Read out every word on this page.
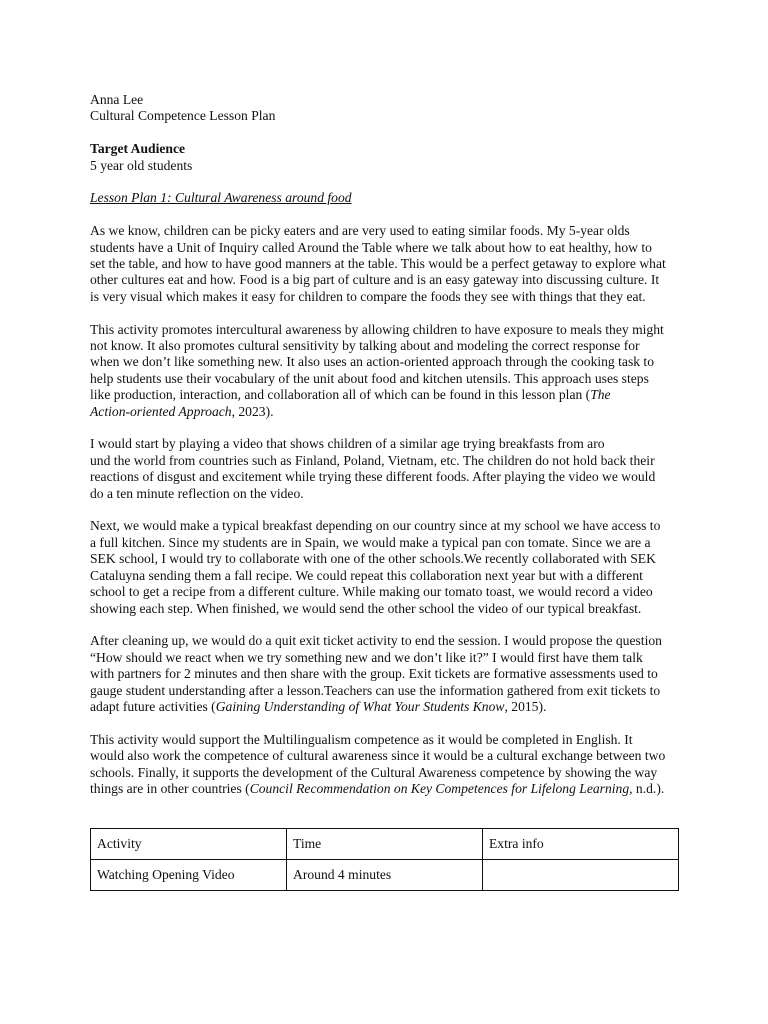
Anna Lee

Cultural Competence Lesson Plan

Target Audience

5 year old students

Lesson Plan 1: Cultural Awareness around food

As we know, children can be picky eaters and are very used to eating similar foods. My 5-year olds
students have a Unit of Inquiry called Around the Table where we talk about how to eat healthy, how to
set the table, and how to have good manners at the table. This would be a perfect getaway to explore what
other cultures eat and how. Food is a big part of culture and is an easy gateway into discussing culture. It
is very visual which makes it easy for children to compare the foods they see with things that they eat.
This activity promotes intercultural awareness by allowing children to have exposure to meals they might
not know. It also promotes cultural sensitivity by talking about and modeling the correct response for
when we don’t like something new. It also uses an action-oriented approach through the cooking task to
help students use their vocabulary of the unit about food and kitchen utensils. This approach uses steps
like production, interaction, and collaboration all of which can be found in this lesson plan (The
Action-oriented Approach, 2023).
I would start by playing a video that shows children of a similar age trying breakfasts from aro
und the world from countries such as Finland, Poland, Vietnam, etc. The children do not hold back their
reactions of disgust and excitement while trying these different foods. After playing the video we would
do a ten minute reflection on the video.
Next, we would make a typical breakfast depending on our country since at my school we have access to
a full kitchen. Since my students are in Spain, we would make a typical pan con tomate. Since we are a
SEK school, I would try to collaborate with one of the other schools.We recently collaborated with SEK
Cataluyna sending them a fall recipe. We could repeat this collaboration next year but with a different
school to get a recipe from a different culture. While making our tomato toast, we would record a video
showing each step. When finished, we would send the other school the video of our typical breakfast.
After cleaning up, we would do a quit exit ticket activity to end the session. I would propose the question
“How should we react when we try something new and we don’t like it?” I would first have them talk
with partners for 2 minutes and then share with the group. Exit tickets are formative assessments used to
gauge student understanding after a lesson.Teachers can use the information gathered from exit tickets to
adapt future activities (Gaining Understanding of What Your Students Know, 2015).
This activity would support the Multilingualism competence as it would be completed in English. It
would also work the competence of cultural awareness since it would be a cultural exchange between two
schools. Finally, it supports the development of the Cultural Awareness competence by showing the way
things are in other countries (Council Recommendation on Key Competences for Lifelong Learning, n.d.).
Activity	Time	Extra info
Watching Opening Video	Around 4 minutes	
